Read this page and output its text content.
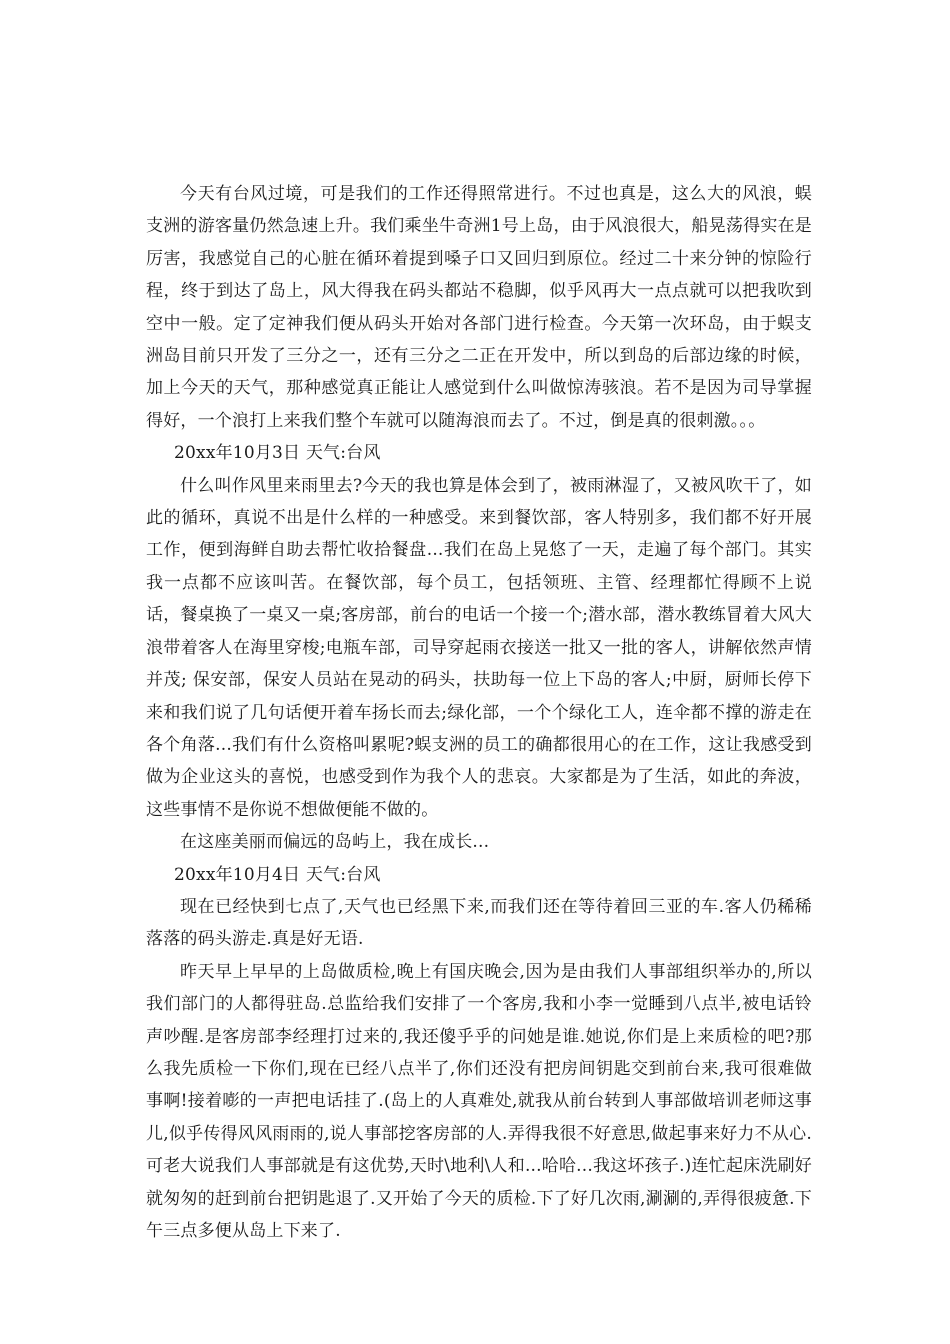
今天有台风过境，可是我们的工作还得照常进行。不过也真是，这么大的风浪，蜈支洲的游客量仍然急速上升。我们乘坐牛奇洲1号上岛，由于风浪很大，船晃荡得实在是厉害，我感觉自己的心脏在循环着提到嗓子口又回归到原位。经过二十来分钟的惊险行程，终于到达了岛上，风大得我在码头都站不稳脚，似乎风再大一点点就可以把我吹到空中一般。定了定神我们便从码头开始对各部门进行检查。今天第一次环岛，由于蜈支洲岛目前只开发了三分之一，还有三分之二正在开发中，所以到岛的后部边缘的时候，加上今天的天气，那种感觉真正能让人感觉到什么叫做惊涛骇浪。若不是因为司导掌握得好，一个浪打上来我们整个车就可以随海浪而去了。不过，倒是真的很刺激。。。

20xx年10月3日 天气:台风

什么叫作风里来雨里去?今天的我也算是体会到了，被雨淋湿了，又被风吹干了，如此的循环，真说不出是什么样的一种感受。来到餐饮部，客人特别多，我们都不好开展工作，便到海鲜自助去帮忙收拾餐盘...我们在岛上晃悠了一天，走遍了每个部门。其实我一点都不应该叫苦。在餐饮部，每个员工，包括领班、主管、经理都忙得顾不上说话，餐桌换了一桌又一桌;客房部，前台的电话一个接一个;潜水部，潜水教练冒着大风大浪带着客人在海里穿梭;电瓶车部，司导穿起雨衣接送一批又一批的客人，讲解依然声情并茂; 保安部，保安人员站在晃动的码头，扶助每一位上下岛的客人;中厨，厨师长停下来和我们说了几句话便开着车扬长而去;绿化部，一个个绿化工人，连伞都不撑的游走在各个角落...我们有什么资格叫累呢?蜈支洲的员工的确都很用心的在工作，这让我感受到做为企业这头的喜悦，也感受到作为我个人的悲哀。大家都是为了生活，如此的奔波，这些事情不是你说不想做便能不做的。

在这座美丽而偏远的岛屿上，我在成长...

20xx年10月4日 天气:台风

现在已经快到七点了,天气也已经黑下来,而我们还在等待着回三亚的车.客人仍稀稀落落的码头游走.真是好无语.

昨天早上早早的上岛做质检,晚上有国庆晚会,因为是由我们人事部组织举办的,所以我们部门的人都得驻岛.总监给我们安排了一个客房,我和小李一觉睡到八点半,被电话铃声吵醒.是客房部李经理打过来的,我还傻乎乎的问她是谁.她说,你们是上来质检的吧?那么我先质检一下你们,现在已经八点半了,你们还没有把房间钥匙交到前台来,我可很难做事啊!接着嘭的一声把电话挂了.(岛上的人真难处,就我从前台转到人事部做培训老师这事儿,似乎传得风风雨雨的,说人事部挖客房部的人.弄得我很不好意思,做起事来好力不从心.可老大说我们人事部就是有这优势,天时\地利\人和...哈哈...我这坏孩子.)连忙起床洗刷好就匆匆的赶到前台把钥匙退了.又开始了今天的质检.下了好几次雨,涮涮的,弄得很疲惫.下午三点多便从岛上下来了.
